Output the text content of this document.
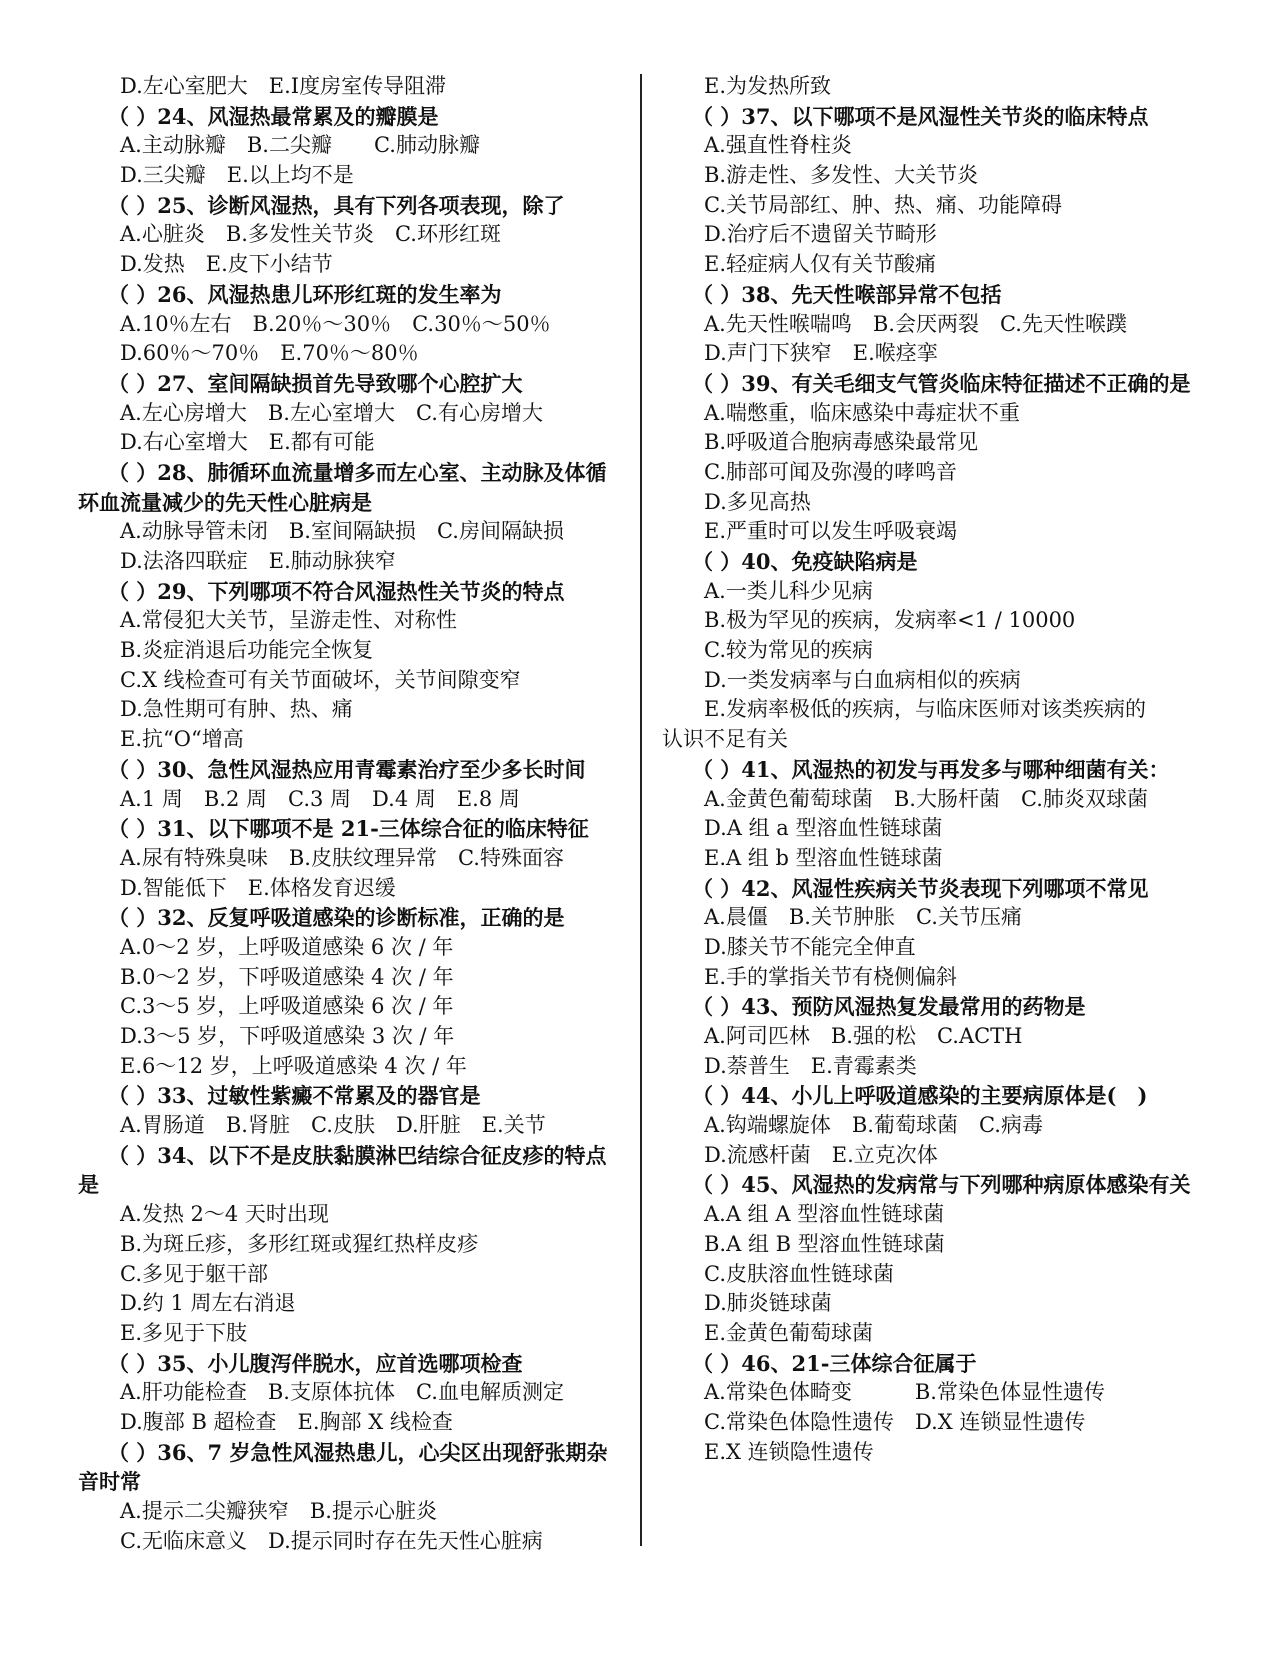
D.左心室肥大　E.I度房室传导阻滞
（ ）24、风湿热最常累及的瓣膜是
A.主动脉瓣　B.二尖瓣　　C.肺动脉瓣
D.三尖瓣　E.以上均不是
（ ）25、诊断风湿热，具有下列各项表现，除了
A.心脏炎　B.多发性关节炎　C.环形红斑
D.发热　E.皮下小结节
（ ）26、风湿热患儿环形红斑的发生率为
A.10％左右　B.20％～30％　C.30％～50％
D.60％～70％　E.70％～80％
（ ）27、室间隔缺损首先导致哪个心腔扩大
A.左心房增大　B.左心室增大　C.有心房增大
D.右心室增大　E.都有可能
（ ）28、肺循环血流量增多而左心室、主动脉及体循环血流量减少的先天性心脏病是
A.动脉导管未闭　B.室间隔缺损　C.房间隔缺损
D.法洛四联症　E.肺动脉狭窄
（ ）29、下列哪项不符合风湿热性关节炎的特点
A.常侵犯大关节，呈游走性、对称性
B.炎症消退后功能完全恢复
C.X 线检查可有关节面破坏，关节间隙变窄
D.急性期可有肿、热、痛
E.抗“O“增高
（ ）30、急性风湿热应用青霉素治疗至少多长时间
A.1 周　B.2 周　C.3 周　D.4 周　E.8 周
（ ）31、以下哪项不是 21-三体综合征的临床特征
A.尿有特殊臭味　B.皮肤纹理异常　C.特殊面容
D.智能低下　E.体格发育迟缓
（ ）32、反复呼吸道感染的诊断标准，正确的是
A.0～2 岁，上呼吸道感染 6 次 / 年
B.0～2 岁，下呼吸道感染 4 次 / 年
C.3～5 岁，上呼吸道感染 6 次 / 年
D.3～5 岁，下呼吸道感染 3 次 / 年
E.6～12 岁，上呼吸道感染 4 次 / 年
（ ）33、过敏性紫癜不常累及的器官是
A.胃肠道　B.肾脏　C.皮肤　D.肝脏　E.关节
（ ）34、以下不是皮肤黏膜淋巴结综合征皮疹的特点是
A.发热 2～4 天时出现
B.为斑丘疹，多形红斑或猩红热样皮疹
C.多见于躯干部
D.约 1 周左右消退
E.多见于下肢
（ ）35、小儿腹泻伴脱水，应首选哪项检查
A.肝功能检查　B.支原体抗体　C.血电解质测定
D.腹部 B 超检查　E.胸部 X 线检查
（ ）36、7 岁急性风湿热患儿，心尖区出现舒张期杂音时常
A.提示二尖瓣狭窄　B.提示心脏炎
C.无临床意义　D.提示同时存在先天性心脏病
E.为发热所致
（ ）37、以下哪项不是风湿性关节炎的临床特点
A.强直性脊柱炎
B.游走性、多发性、大关节炎
C.关节局部红、肿、热、痛、功能障碍
D.治疗后不遗留关节畸形
E.轻症病人仅有关节酸痛
（ ）38、先天性喉部异常不包括
A.先天性喉喘鸣　B.会厌两裂　C.先天性喉蹼
D.声门下狭窄　E.喉痉挛
（ ）39、有关毛细支气管炎临床特征描述不正确的是
A.喘憋重，临床感染中毒症状不重
B.呼吸道合胞病毒感染最常见
C.肺部可闻及弥漫的哮鸣音
D.多见高热
E.严重时可以发生呼吸衰竭
（ ）40、免疫缺陷病是
A.一类儿科少见病
B.极为罕见的疾病，发病率<1 / 10000
C.较为常见的疾病
D.一类发病率与白血病相似的疾病
E.发病率极低的疾病，与临床医师对该类疾病的
认识不足有关
（ ）41、风湿热的初发与再发多与哪种细菌有关：
A.金黄色葡萄球菌　B.大肠杆菌　C.肺炎双球菌
D.A 组 a 型溶血性链球菌
E.A 组 b 型溶血性链球菌
（ ）42、风湿性疾病关节炎表现下列哪项不常见
A.晨僵　B.关节肿胀　C.关节压痛
D.膝关节不能完全伸直
E.手的掌指关节有桡侧偏斜
（ ）43、预防风湿热复发最常用的药物是
A.阿司匹林　B.强的松　C.ACTH
D.萘普生　E.青霉素类
（ ）44、小儿上呼吸道感染的主要病原体是(　)
A.钩端螺旋体　B.葡萄球菌　C.病毒
D.流感杆菌　E.立克次体
（ ）45、风湿热的发病常与下列哪种病原体感染有关
A.A 组 A 型溶血性链球菌
B.A 组 B 型溶血性链球菌
C.皮肤溶血性链球菌
D.肺炎链球菌
E.金黄色葡萄球菌
（ ）46、21-三体综合征属于
A.常染色体畸变　　　B.常染色体显性遗传
C.常染色体隐性遗传　D.X 连锁显性遗传
E.X 连锁隐性遗传
